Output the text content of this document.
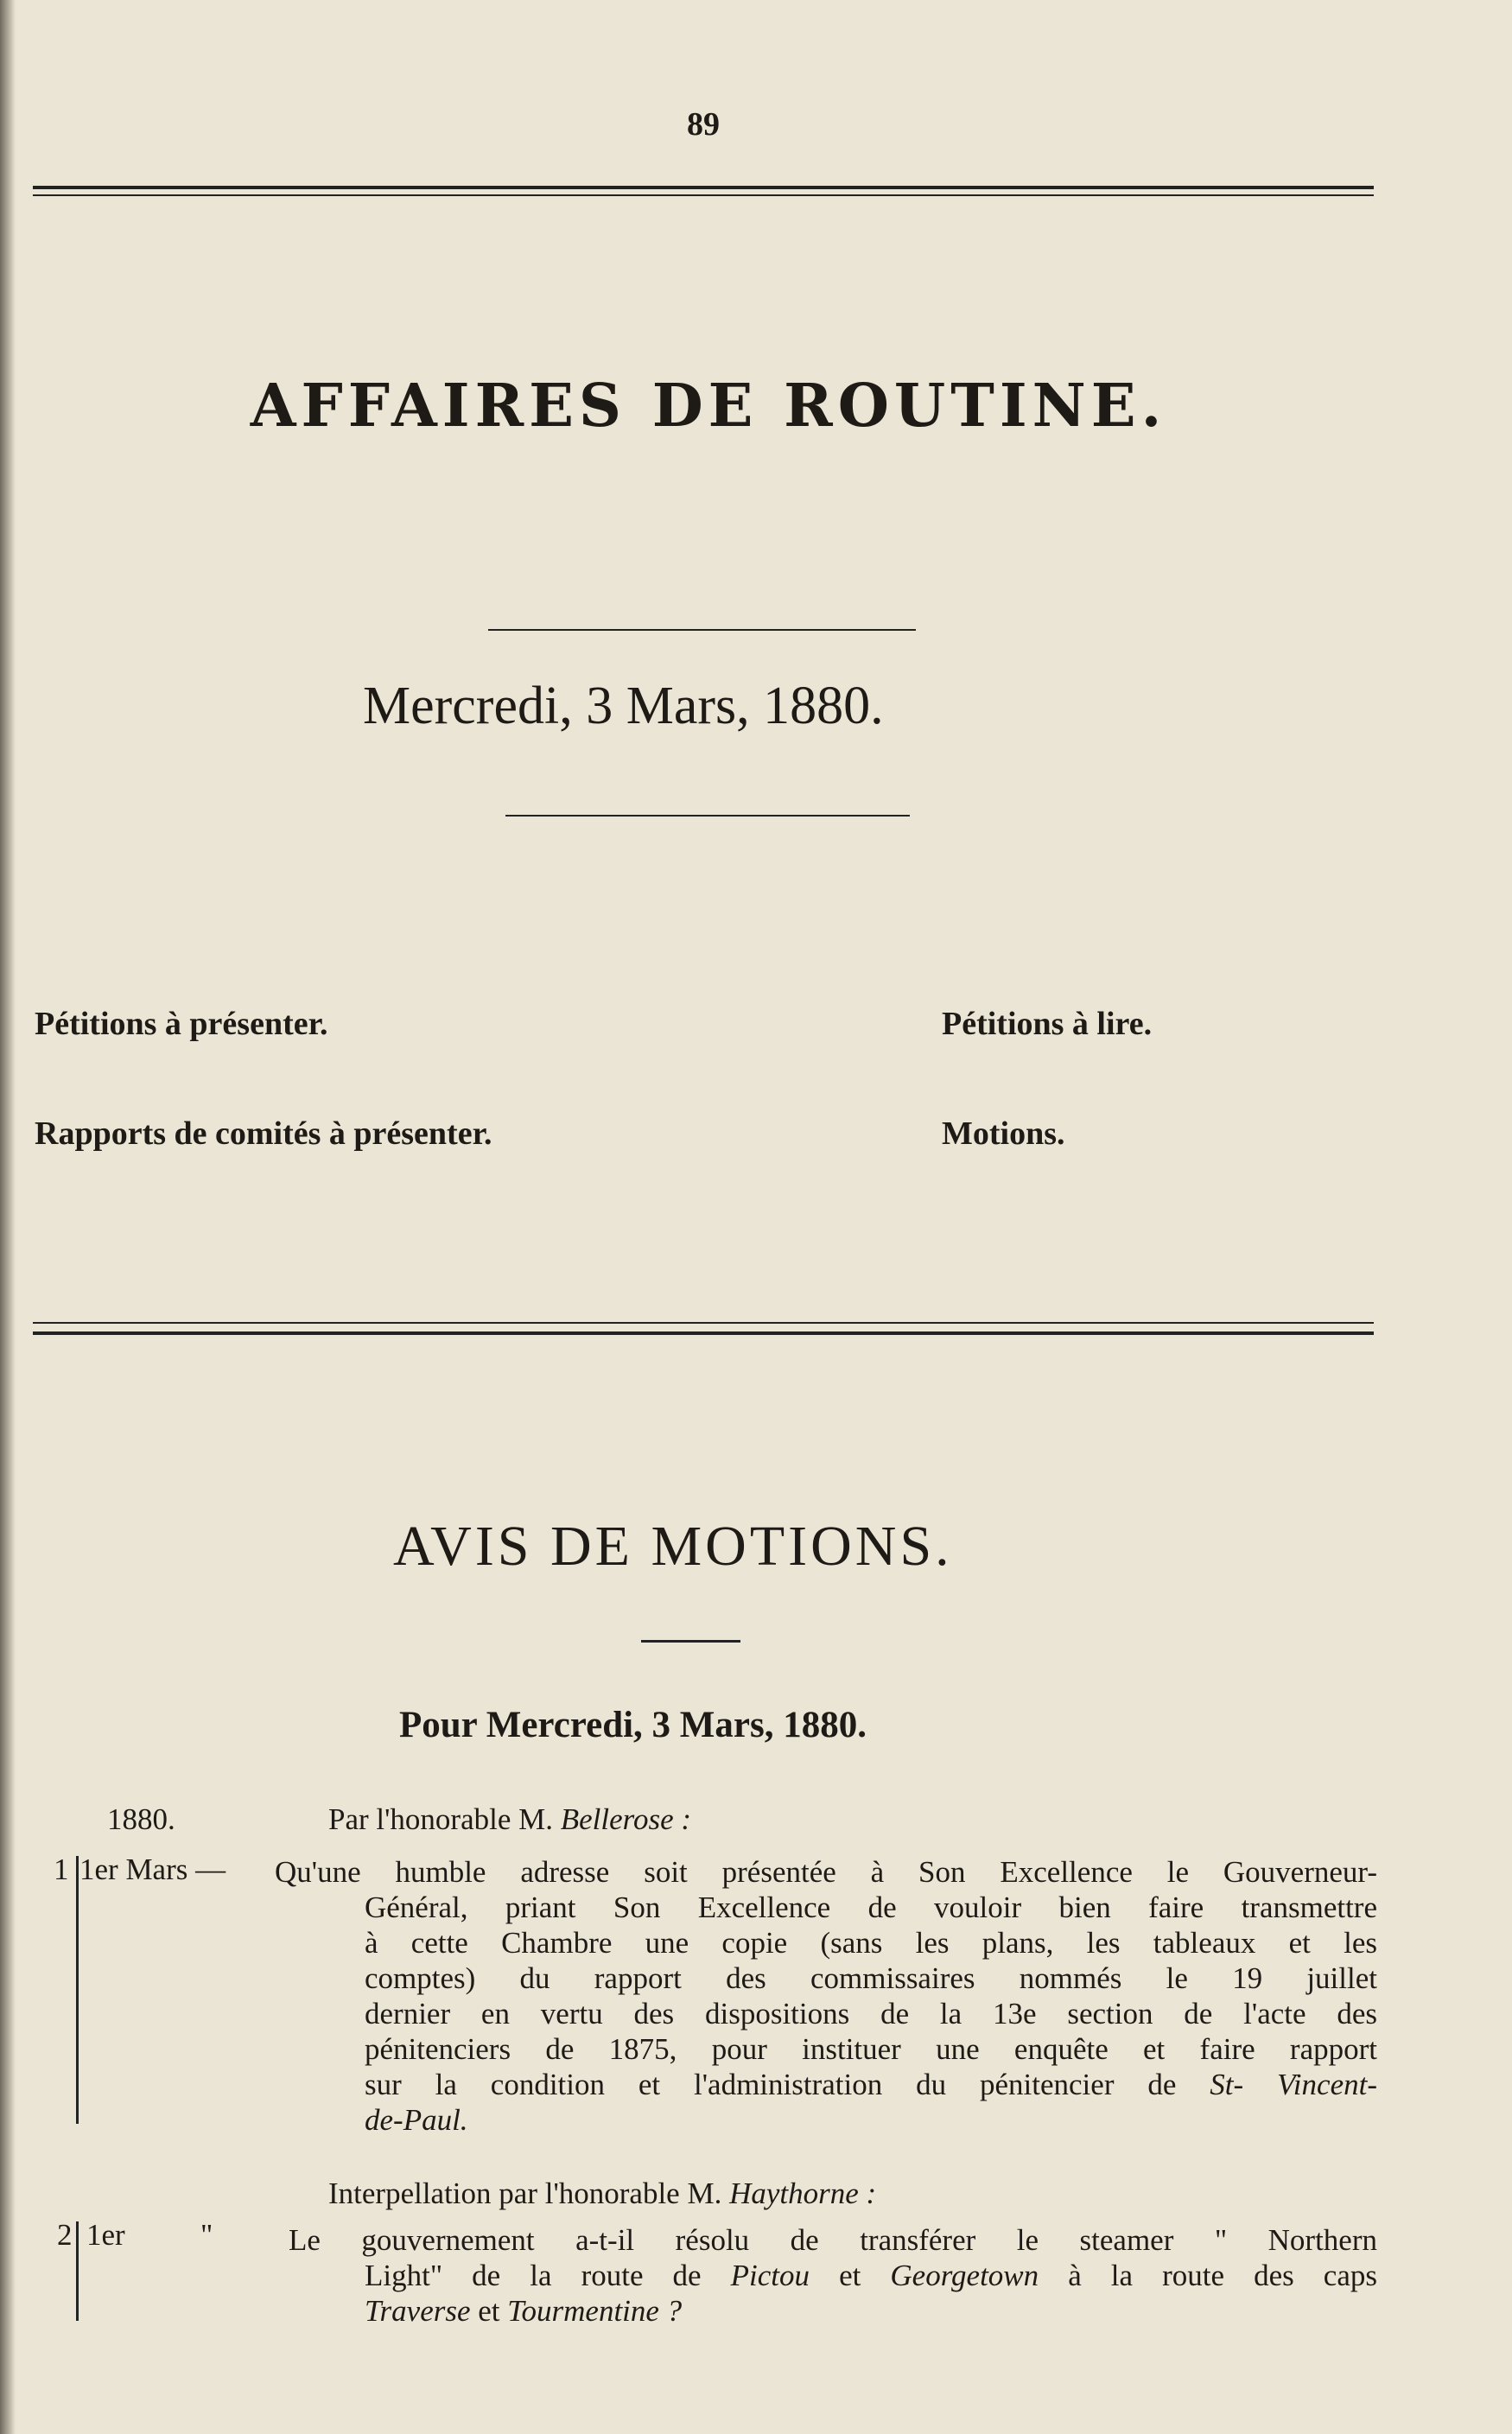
89
AFFAIRES DE ROUTINE.
Mercredi, 3 Mars, 1880.
Pétitions à présenter.	Pétitions à lire.
Rapports de comités à présenter.	Motions.
AVIS DE MOTIONS.
Pour Mercredi, 3 Mars, 1880.
1880.	Par l'honorable M. Bellerose :
1 1er Mars — Qu'une humble adresse soit présentée à Son Excellence le Gouverneur-
Général, priant Son Excellence de vouloir bien faire transmettre
à cette Chambre une copie (sans les plans, les tableaux et les
comptes) du rapport des commissaires nommés le 19 juillet
dernier en vertu des dispositions de la 13e section de l'acte des
pénitenciers de 1875, pour instituer une enquête et faire rapport
sur la condition et l'administration du pénitencier de St- Vincent-
de-Paul.
Interpellation par l'honorable M. Haythorne :
2 1er "	Le gouvernement a-t-il résolu de transférer le steamer " Northern
Light" de la route de Pictou et Georgetown à la route des caps
Traverse et Tourmentine ?
